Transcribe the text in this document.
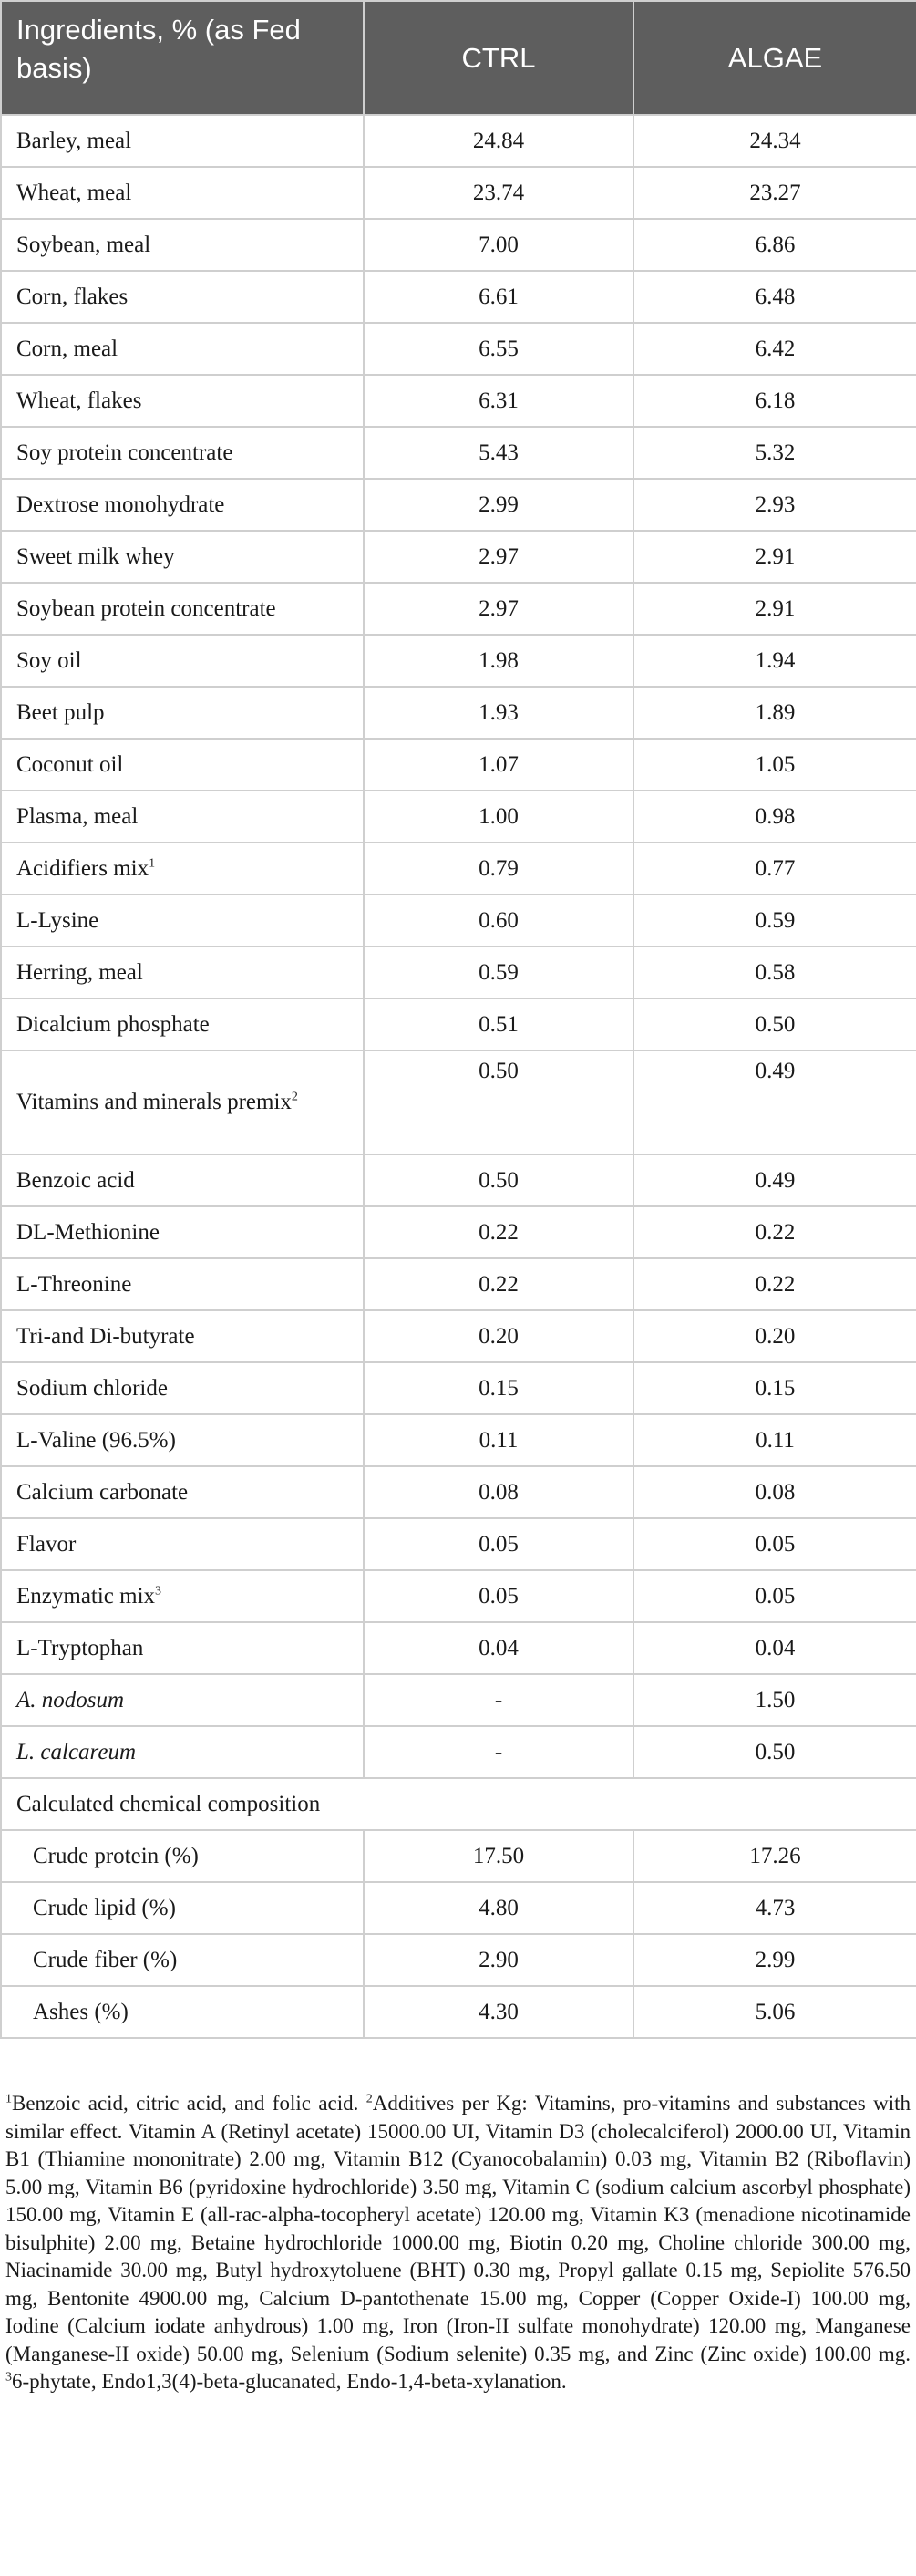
Ingredients, % (as Fed basis)	CTRL	ALGAE
Barley, meal	24.84	24.34
Wheat, meal	23.74	23.27
Soybean, meal	7.00	6.86
Corn, flakes	6.61	6.48
Corn, meal	6.55	6.42
Wheat, flakes	6.31	6.18
Soy protein concentrate	5.43	5.32
Dextrose monohydrate	2.99	2.93
Sweet milk whey	2.97	2.91
Soybean protein concentrate	2.97	2.91
Soy oil	1.98	1.94
Beet pulp	1.93	1.89
Coconut oil	1.07	1.05
Plasma, meal	1.00	0.98
Acidifiers mix$^1$	0.79	0.77
L-Lysine	0.60	0.59
Herring, meal	0.59	0.58
Dicalcium phosphate	0.51	0.50
Vitamins and minerals premix$^2$	0.50	0.49
Benzoic acid	0.50	0.49
DL-Methionine	0.22	0.22
L-Threonine	0.22	0.22
Tri-and Di-butyrate	0.20	0.20
Sodium chloride	0.15	0.15
L-Valine (96.5%)	0.11	0.11
Calcium carbonate	0.08	0.08
Flavor	0.05	0.05
Enzymatic mix$^3$	0.05	0.05
L-Tryptophan	0.04	0.04
A. nodosum	-	1.50
L. calcareum	-	0.50
Calculated chemical composition		
Crude protein (%)	17.50	17.26
Crude lipid (%)	4.80	4.73
Crude fiber (%)	2.90	2.99
Ashes (%)	4.30	5.06
$^1$Benzoic acid, citric acid, and folic acid. $^2$Additives per Kg: Vitamins, pro-vitamins and substances with similar effect. Vitamin A (Retinyl acetate) 15000.00 UI, Vitamin D3 (cholecalciferol) 2000.00 UI, Vitamin B1 (Thiamine mononitrate) 2.00 mg, Vitamin B12 (Cyanocobalamin) 0.03 mg, Vitamin B2 (Riboflavin) 5.00 mg, Vitamin B6 (pyridoxine hydrochloride) 3.50 mg, Vitamin C (sodium calcium ascorbyl phosphate) 150.00 mg, Vitamin E (all-rac-alpha-tocopheryl acetate) 120.00 mg, Vitamin K3 (menadione nicotinamide bisulphite) 2.00 mg, Betaine hydrochloride 1000.00 mg, Biotin 0.20 mg, Choline chloride 300.00 mg, Niacinamide 30.00 mg, Butyl hydroxytoluene (BHT) 0.30 mg, Propyl gallate 0.15 mg, Sepiolite 576.50 mg, Bentonite 4900.00 mg, Calcium D-pantothenate 15.00 mg, Copper (Copper Oxide-I) 100.00 mg, Iodine (Calcium iodate anhydrous) 1.00 mg, Iron (Iron-II sulfate monohydrate) 120.00 mg, Manganese (Manganese-II oxide) 50.00 mg, Selenium (Sodium selenite) 0.35 mg, and Zinc (Zinc oxide) 100.00 mg. $^3$6-phytate, Endo1,3(4)-beta-glucanated, Endo-1,4-beta-xylanation.
